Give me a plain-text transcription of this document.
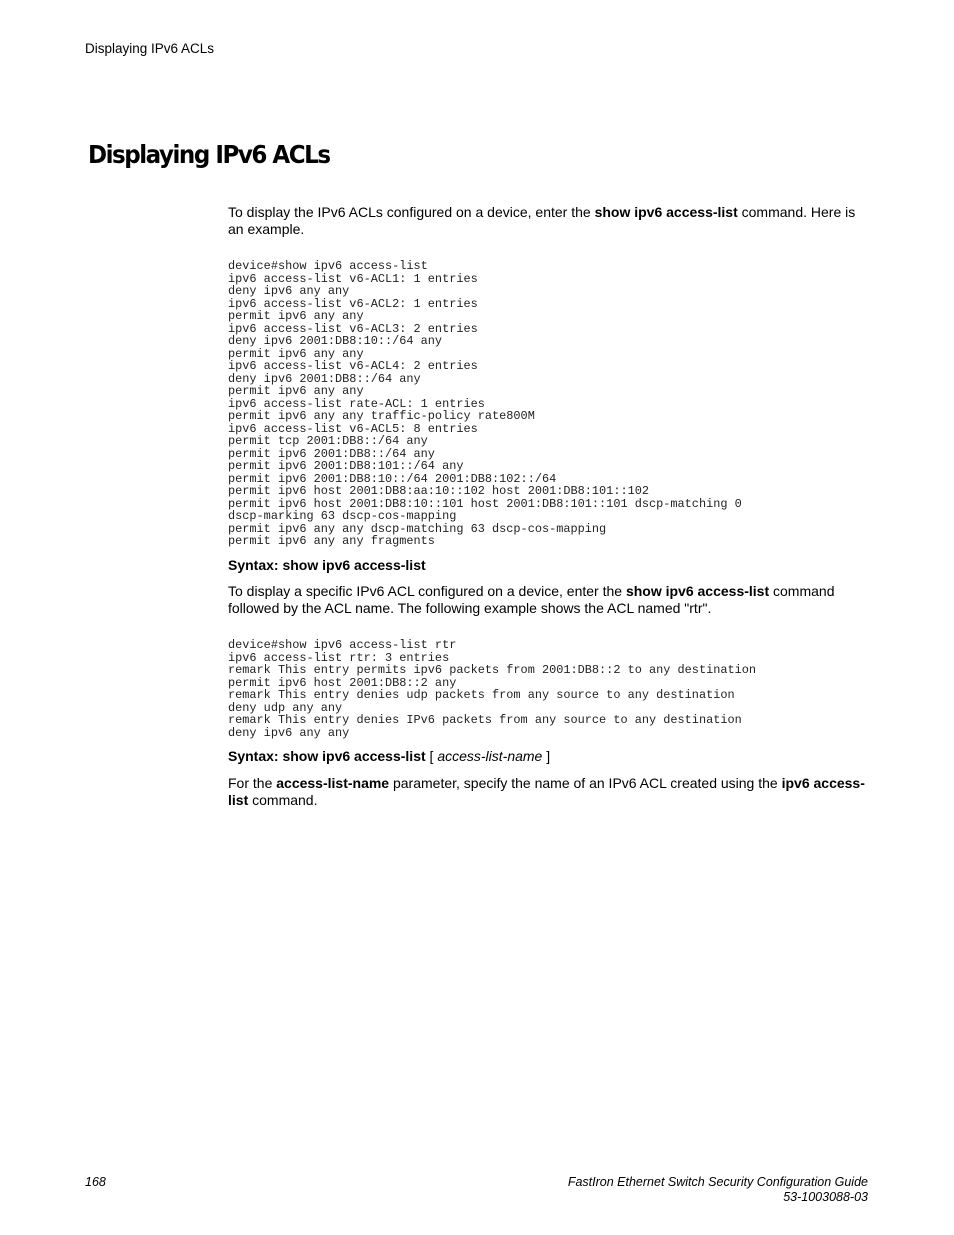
Displaying IPv6 ACLs
Displaying IPv6 ACLs

To display the IPv6 ACLs configured on a device, enter the show ipv6 access-list command. Here is an example.

device#show ipv6 access-list
ipv6 access-list v6-ACL1: 1 entries
deny ipv6 any any
ipv6 access-list v6-ACL2: 1 entries
permit ipv6 any any
ipv6 access-list v6-ACL3: 2 entries
deny ipv6 2001:DB8:10::/64 any
permit ipv6 any any
ipv6 access-list v6-ACL4: 2 entries
deny ipv6 2001:DB8::/64 any
permit ipv6 any any
ipv6 access-list rate-ACL: 1 entries
permit ipv6 any any traffic-policy rate800M
ipv6 access-list v6-ACL5: 8 entries
permit tcp 2001:DB8::/64 any
permit ipv6 2001:DB8::/64 any
permit ipv6 2001:DB8:101::/64 any
permit ipv6 2001:DB8:10::/64 2001:DB8:102::/64
permit ipv6 host 2001:DB8:aa:10::102 host 2001:DB8:101::102
permit ipv6 host 2001:DB8:10::101 host 2001:DB8:101::101 dscp-matching 0
dscp-marking 63 dscp-cos-mapping
permit ipv6 any any dscp-matching 63 dscp-cos-mapping
permit ipv6 any any fragments

Syntax: show ipv6 access-list

To display a specific IPv6 ACL configured on a device, enter the show ipv6 access-list command followed by the ACL name. The following example shows the ACL named "rtr".

device#show ipv6 access-list rtr
ipv6 access-list rtr: 3 entries
remark This entry permits ipv6 packets from 2001:DB8::2 to any destination
permit ipv6 host 2001:DB8::2 any
remark This entry denies udp packets from any source to any destination
deny udp any any
remark This entry denies IPv6 packets from any source to any destination
deny ipv6 any any

Syntax: show ipv6 access-list [ access-list-name ]

For the access-list-name parameter, specify the name of an IPv6 ACL created using the ipv6 access-list command.

168	FastIron Ethernet Switch Security Configuration Guide
53-1003088-03
